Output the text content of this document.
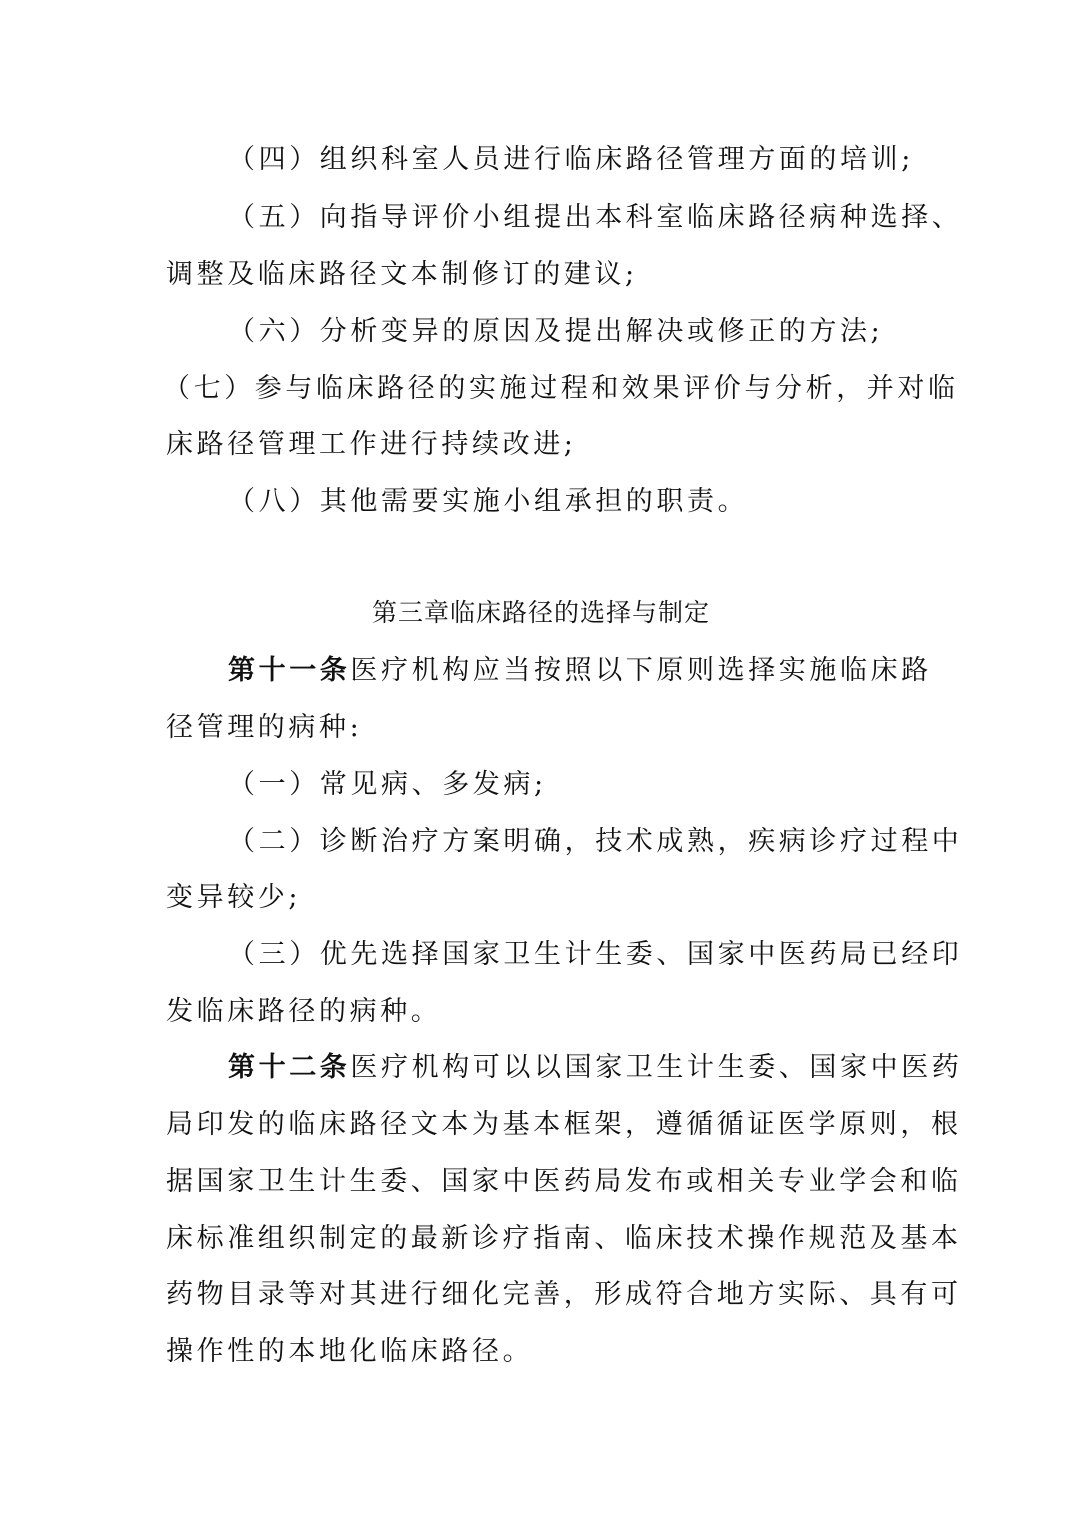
（四）组织科室人员进行临床路径管理方面的培训;
（五）向指导评价小组提出本科室临床路径病种选择、
调整及临床路径文本制修订的建议;
（六）分析变异的原因及提出解决或修正的方法;
（七）参与临床路径的实施过程和效果评价与分析，并对临
床路径管理工作进行持续改进;
（八）其他需要实施小组承担的职责。
第三章临床路径的选择与制定
第十一条医疗机构应当按照以下原则选择实施临床路
径管理的病种:
（一）常见病、多发病;
（二）诊断治疗方案明确，技术成熟，疾病诊疗过程中
变异较少;
（三）优先选择国家卫生计生委、国家中医药局已经印
发临床路径的病种。
第十二条医疗机构可以以国家卫生计生委、国家中医药
局印发的临床路径文本为基本框架，遵循循证医学原则，根
据国家卫生计生委、国家中医药局发布或相关专业学会和临
床标准组织制定的最新诊疗指南、临床技术操作规范及基本
药物目录等对其进行细化完善，形成符合地方实际、具有可
操作性的本地化临床路径。
